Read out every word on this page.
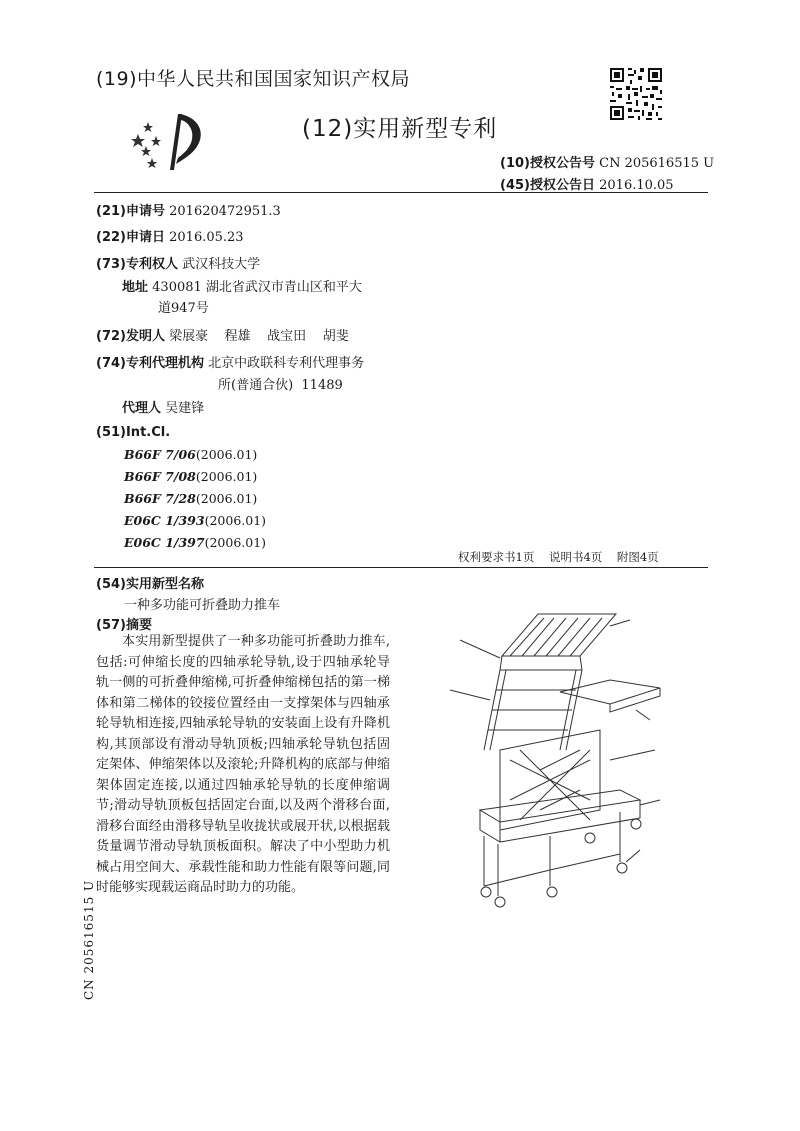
(19)中华人民共和国国家知识产权局
(12)实用新型专利
(10)授权公告号 CN 205616515 U
(45)授权公告日 2016.10.05
(21)申请号 201620472951.3
(22)申请日 2016.05.23
(73)专利权人 武汉科技大学
地址 430081 湖北省武汉市青山区和平大
道947号
(72)发明人 梁展豪    程雄    战宝田    胡斐
(74)专利代理机构 北京中政联科专利代理事务
所(普通合伙)  11489
代理人 吴建锋
(51)Int.Cl.
B66F 7/06(2006.01)
B66F 7/08(2006.01)
B66F 7/28(2006.01)
E06C 1/393(2006.01)
E06C 1/397(2006.01)
权利要求书1页    说明书4页    附图4页
(54)实用新型名称
一种多功能可折叠助力推车
(57)摘要

本实用新型提供了一种多功能可折叠助力推车,包括:可伸缩长度的四轴承轮导轨,设于四轴承轮导轨一侧的可折叠伸缩梯,可折叠伸缩梯包括的第一梯体和第二梯体的铰接位置经由一支撑架体与四轴承轮导轨相连接,四轴承轮导轨的安装面上设有升降机构,其顶部设有滑动导轨顶板;四轴承轮导轨包括固定架体、伸缩架体以及滚轮;升降机构的底部与伸缩架体固定连接,以通过四轴承轮导轨的长度伸缩调节;滑动导轨顶板包括固定台面,以及两个滑移台面,滑移台面经由滑移导轨呈收拢状或展开状,以根据载货量调节滑动导轨顶板面积。解决了中小型助力机械占用空间大、承载性能和助力性能有限等问题,同时能够实现载运商品时助力的功能。

CN 205616515 U
